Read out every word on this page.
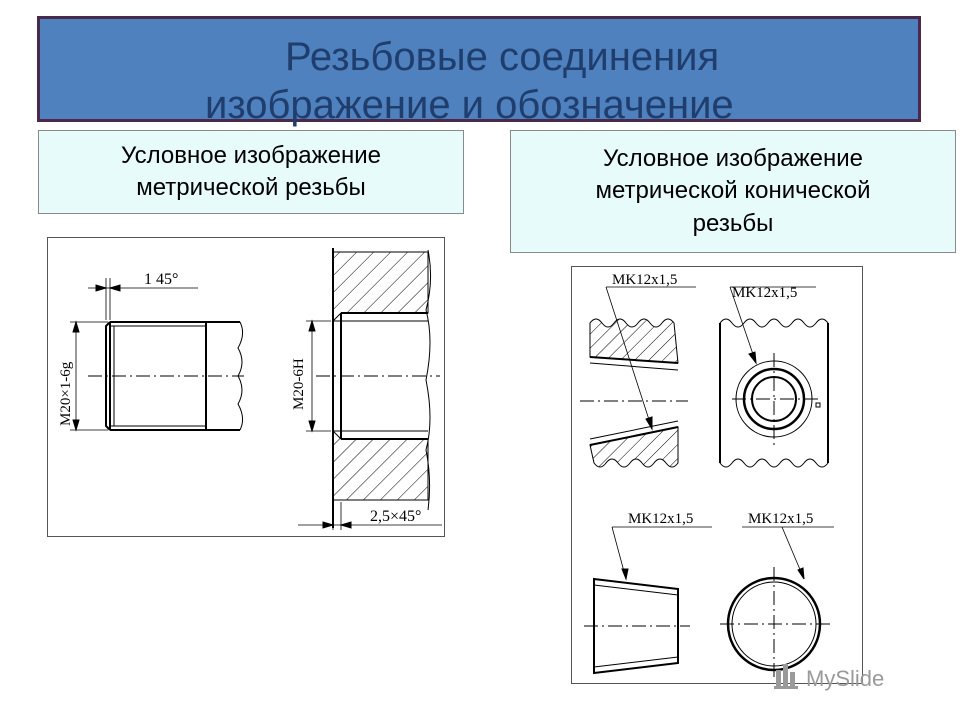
Резьбовые соединения
изображение и обозначение
Условное изображение
метрической резьбы
Условное изображение
метрической конической
резьбы
1 45°
M20×1-6g	M20-6H
2,5×45°
MK12x1,5
MK12x1,5
MK12x1,5	MK12x1,5
MySlide
